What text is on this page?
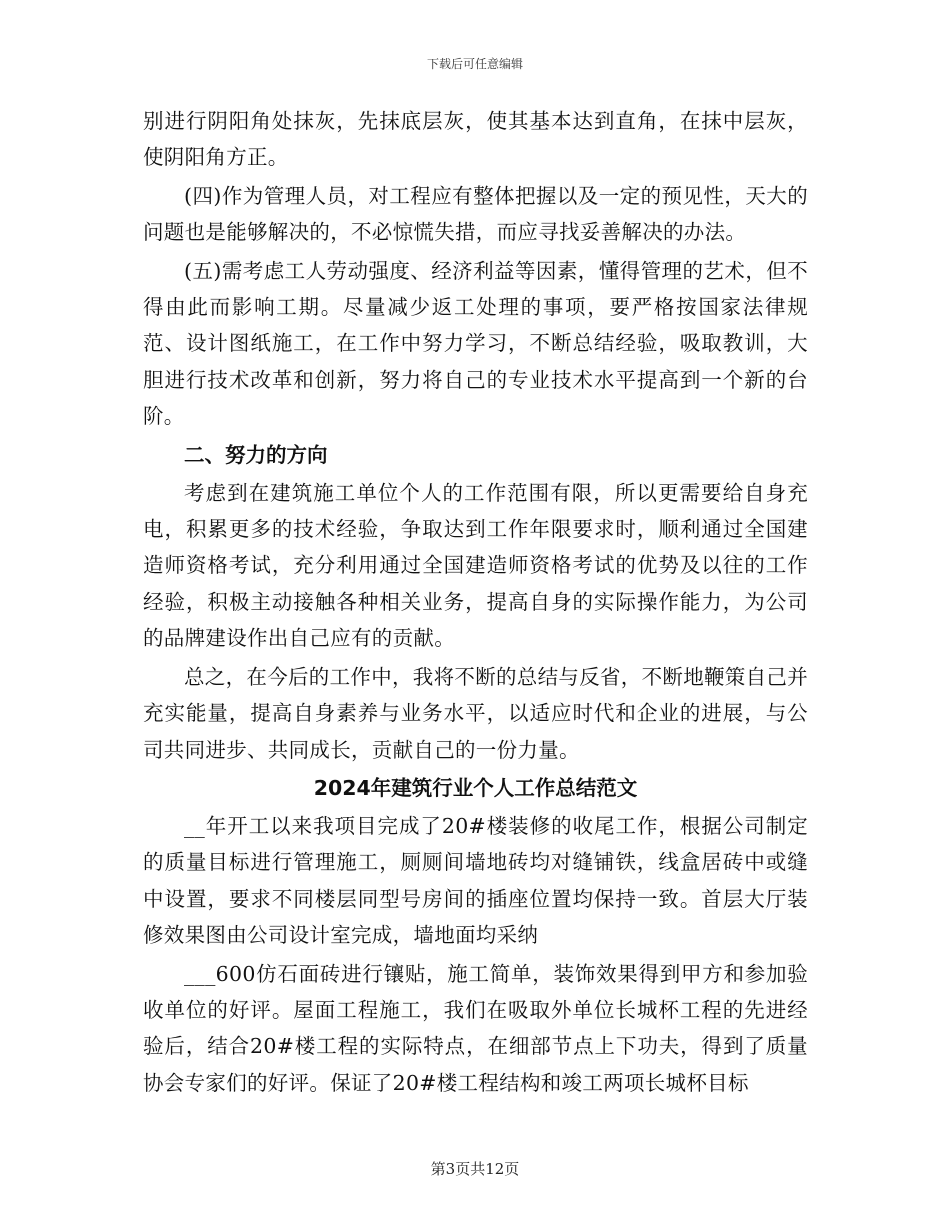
下载后可任意编辑

别进行阴阳角处抹灰，先抹底层灰，使其基本达到直角，在抹中层灰，使阴阳角方正。

(四)作为管理人员，对工程应有整体把握以及一定的预见性，天大的问题也是能够解决的，不必惊慌失措，而应寻找妥善解决的办法。

(五)需考虑工人劳动强度、经济利益等因素，懂得管理的艺术，但不得由此而影响工期。尽量减少返工处理的事项，要严格按国家法律规范、设计图纸施工，在工作中努力学习，不断总结经验，吸取教训，大胆进行技术改革和创新，努力将自己的专业技术水平提高到一个新的台阶。

二、努力的方向

考虑到在建筑施工单位个人的工作范围有限，所以更需要给自身充电，积累更多的技术经验，争取达到工作年限要求时，顺利通过全国建造师资格考试，充分利用通过全国建造师资格考试的优势及以往的工作经验，积极主动接触各种相关业务，提高自身的实际操作能力，为公司的品牌建设作出自己应有的贡献。

总之，在今后的工作中，我将不断的总结与反省，不断地鞭策自己并充实能量，提高自身素养与业务水平，以适应时代和企业的进展，与公司共同进步、共同成长，贡献自己的一份力量。

2024年建筑行业个人工作总结范文

__年开工以来我项目完成了20#楼装修的收尾工作，根据公司制定的质量目标进行管理施工，厕厕间墙地砖均对缝铺铁，线盒居砖中或缝中设置，要求不同楼层同型号房间的插座位置均保持一致。首层大厅装修效果图由公司设计室完成，墙地面均采纳

___600仿石面砖进行镶贴，施工简单，装饰效果得到甲方和参加验收单位的好评。屋面工程施工，我们在吸取外单位长城杯工程的先进经验后，结合20#楼工程的实际特点，在细部节点上下功夫，得到了质量协会专家们的好评。保证了20#楼工程结构和竣工两项长城杯目标

第3页共12页
